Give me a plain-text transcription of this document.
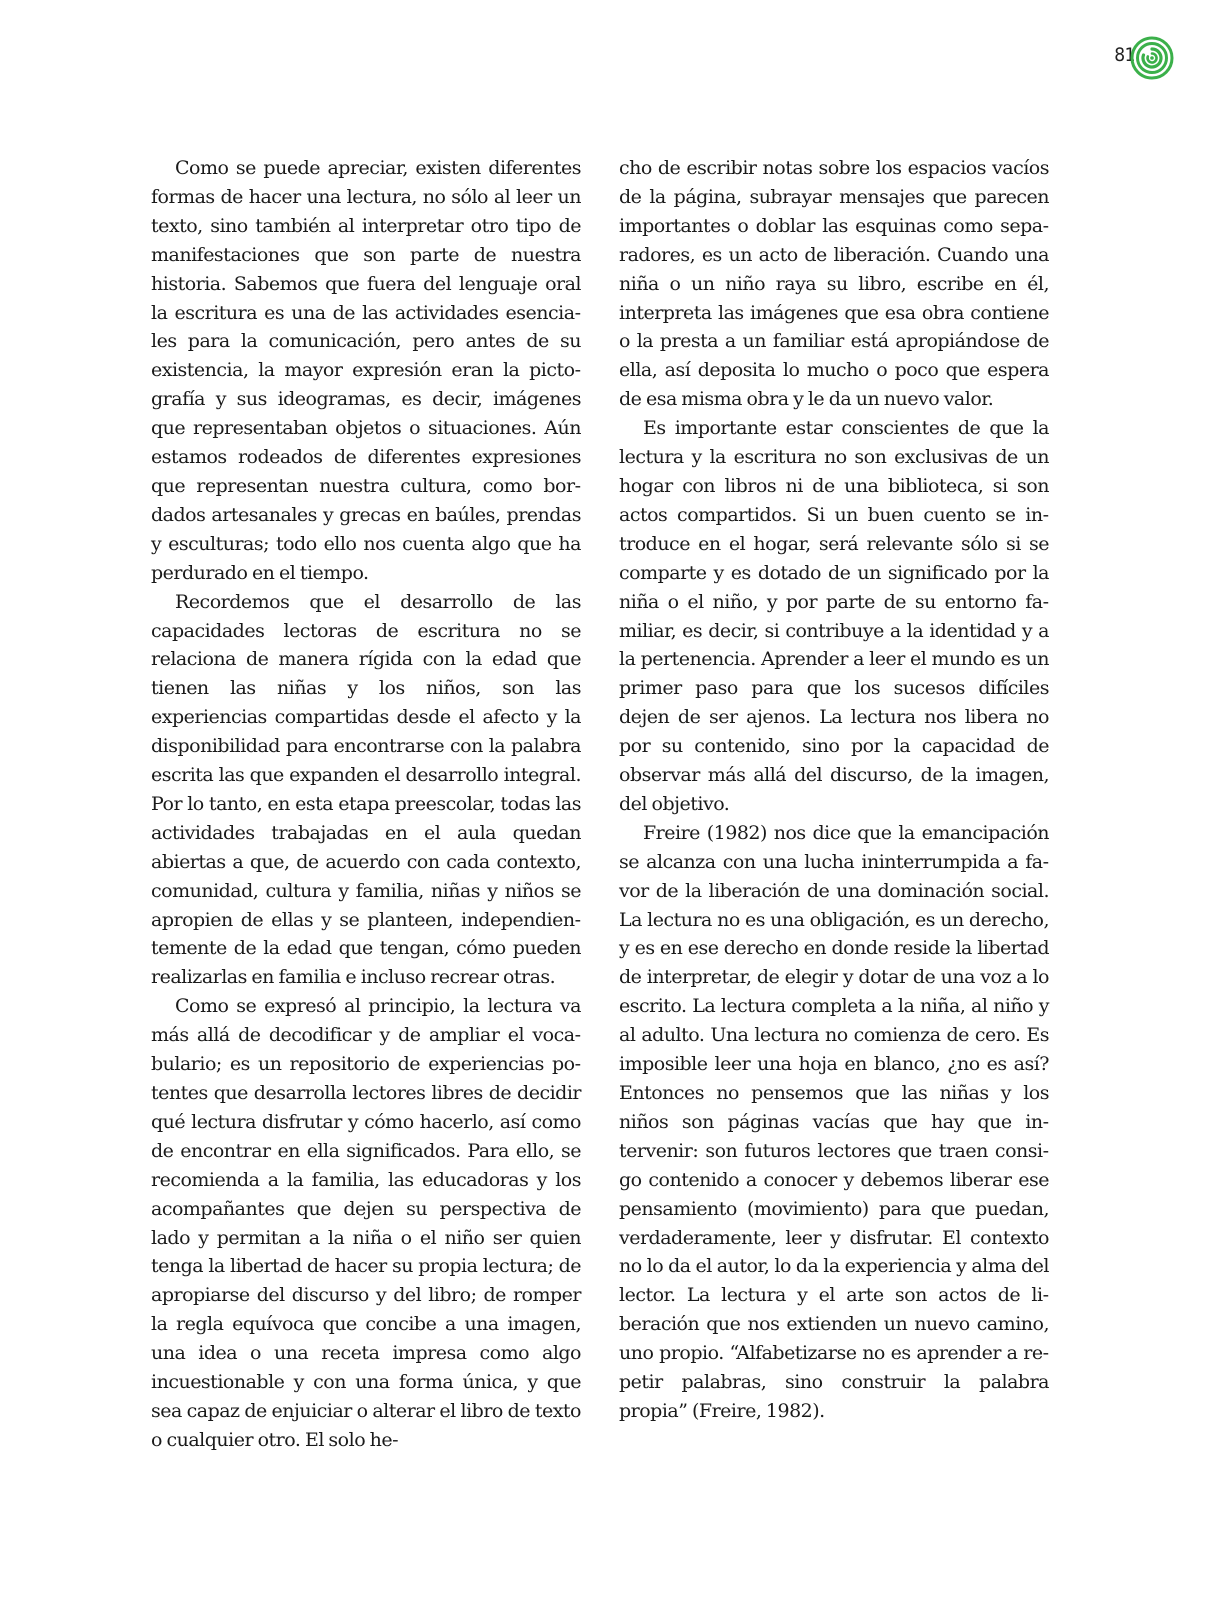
81

Como se puede apreciar, existen diferentes formas de hacer una lectura, no sólo al leer un texto, sino también al interpretar otro tipo de manifestaciones que son parte de nuestra historia. Sabemos que fuera del lenguaje oral la escritura es una de las actividades esenciales para la comunicación, pero antes de su existencia, la mayor expresión eran la pictografía y sus ideogramas, es decir, imágenes que representaban objetos o situaciones. Aún estamos rodeados de diferentes expresiones que representan nuestra cultura, como bordados artesanales y grecas en baúles, prendas y esculturas; todo ello nos cuenta algo que ha perdurado en el tiempo.

Recordemos que el desarrollo de las capacidades lectoras de escritura no se relaciona de manera rígida con la edad que tienen las niñas y los niños, son las experiencias compartidas desde el afecto y la disponibilidad para encontrarse con la palabra escrita las que expanden el desarrollo integral. Por lo tanto, en esta etapa preescolar, todas las actividades trabajadas en el aula quedan abiertas a que, de acuerdo con cada contexto, comunidad, cultura y familia, niñas y niños se apropien de ellas y se planteen, independientemente de la edad que tengan, cómo pueden realizarlas en familia e incluso recrear otras.

Como se expresó al principio, la lectura va más allá de decodificar y de ampliar el vocabulario; es un repositorio de experiencias potentes que desarrolla lectores libres de decidir qué lectura disfrutar y cómo hacerlo, así como de encontrar en ella significados. Para ello, se recomienda a la familia, las educadoras y los acompañantes que dejen su perspectiva de lado y permitan a la niña o el niño ser quien tenga la libertad de hacer su propia lectura; de apropiarse del discurso y del libro; de romper la regla equívoca que concibe a una imagen, una idea o una receta impresa como algo incuestionable y con una forma única, y que sea capaz de enjuiciar o alterar el libro de texto o cualquier otro. El solo he-

cho de escribir notas sobre los espacios vacíos de la página, subrayar mensajes que parecen importantes o doblar las esquinas como separadores, es un acto de liberación. Cuando una niña o un niño raya su libro, escribe en él, interpreta las imágenes que esa obra contiene o la presta a un familiar está apropiándose de ella, así deposita lo mucho o poco que espera de esa misma obra y le da un nuevo valor.

Es importante estar conscientes de que la lectura y la escritura no son exclusivas de un hogar con libros ni de una biblioteca, si son actos compartidos. Si un buen cuento se introduce en el hogar, será relevante sólo si se comparte y es dotado de un significado por la niña o el niño, y por parte de su entorno familiar, es decir, si contribuye a la identidad y a la pertenencia. Aprender a leer el mundo es un primer paso para que los sucesos difíciles dejen de ser ajenos. La lectura nos libera no por su contenido, sino por la capacidad de observar más allá del discurso, de la imagen, del objetivo.

Freire (1982) nos dice que la emancipación se alcanza con una lucha ininterrumpida a favor de la liberación de una dominación social. La lectura no es una obligación, es un derecho, y es en ese derecho en donde reside la libertad de interpretar, de elegir y dotar de una voz a lo escrito. La lectura completa a la niña, al niño y al adulto. Una lectura no comienza de cero. Es imposible leer una hoja en blanco, ¿no es así? Entonces no pensemos que las niñas y los niños son páginas vacías que hay que intervenir: son futuros lectores que traen consigo contenido a conocer y debemos liberar ese pensamiento (movimiento) para que puedan, verdaderamente, leer y disfrutar. El contexto no lo da el autor, lo da la experiencia y alma del lector. La lectura y el arte son actos de liberación que nos extienden un nuevo camino, uno propio. “Alfabetizarse no es aprender a repetir palabras, sino construir la palabra propia” (Freire, 1982).
